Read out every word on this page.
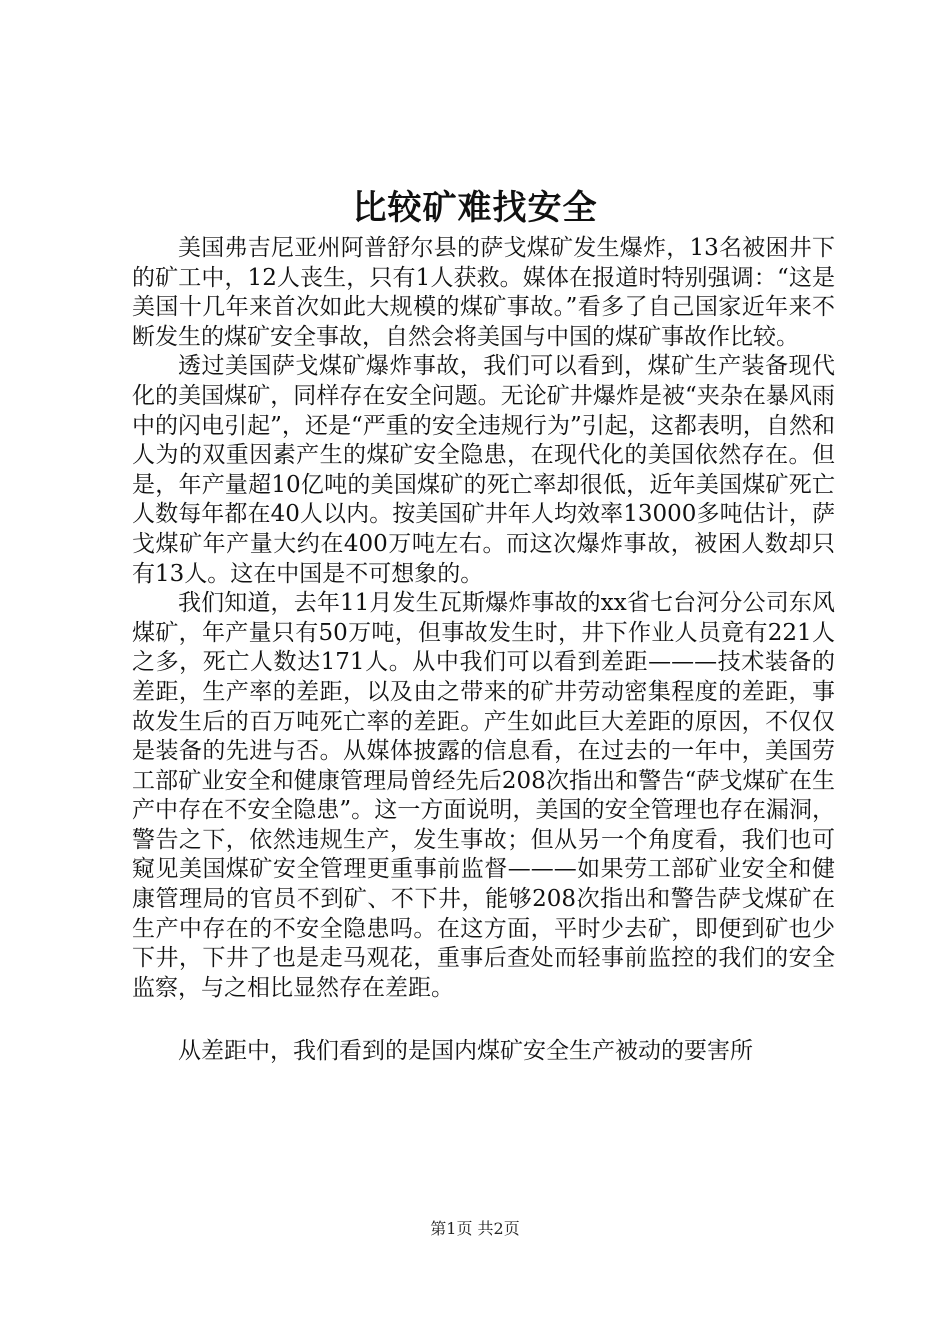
比较矿难找安全

美国弗吉尼亚州阿普舒尔县的萨戈煤矿发生爆炸，13名被困井下的矿工中，12人丧生，只有1人获救。媒体在报道时特别强调：“这是美国十几年来首次如此大规模的煤矿事故。”看多了自己国家近年来不断发生的煤矿安全事故，自然会将美国与中国的煤矿事故作比较。

透过美国萨戈煤矿爆炸事故，我们可以看到，煤矿生产装备现代化的美国煤矿，同样存在安全问题。无论矿井爆炸是被“夹杂在暴风雨中的闪电引起”，还是“严重的安全违规行为”引起，这都表明，自然和人为的双重因素产生的煤矿安全隐患，在现代化的美国依然存在。但是，年产量超10亿吨的美国煤矿的死亡率却很低，近年美国煤矿死亡人数每年都在40人以内。按美国矿井年人均效率13000多吨估计，萨戈煤矿年产量大约在400万吨左右。而这次爆炸事故，被困人数却只有13人。这在中国是不可想象的。

我们知道，去年11月发生瓦斯爆炸事故的xx省七台河分公司东风煤矿，年产量只有50万吨，但事故发生时，井下作业人员竟有221人之多，死亡人数达171人。从中我们可以看到差距———技术装备的差距，生产率的差距，以及由之带来的矿井劳动密集程度的差距，事故发生后的百万吨死亡率的差距。产生如此巨大差距的原因，不仅仅是装备的先进与否。从媒体披露的信息看，在过去的一年中，美国劳工部矿业安全和健康管理局曾经先后208次指出和警告“萨戈煤矿在生产中存在不安全隐患”。这一方面说明，美国的安全管理也存在漏洞，警告之下，依然违规生产，发生事故；但从另一个角度看，我们也可窥见美国煤矿安全管理更重事前监督———如果劳工部矿业安全和健康管理局的官员不到矿、不下井，能够208次指出和警告萨戈煤矿在生产中存在的不安全隐患吗。在这方面，平时少去矿，即便到矿也少下井，下井了也是走马观花，重事后查处而轻事前监控的我们的安全监察，与之相比显然存在差距。

从差距中，我们看到的是国内煤矿安全生产被动的要害所

第1页 共2页
